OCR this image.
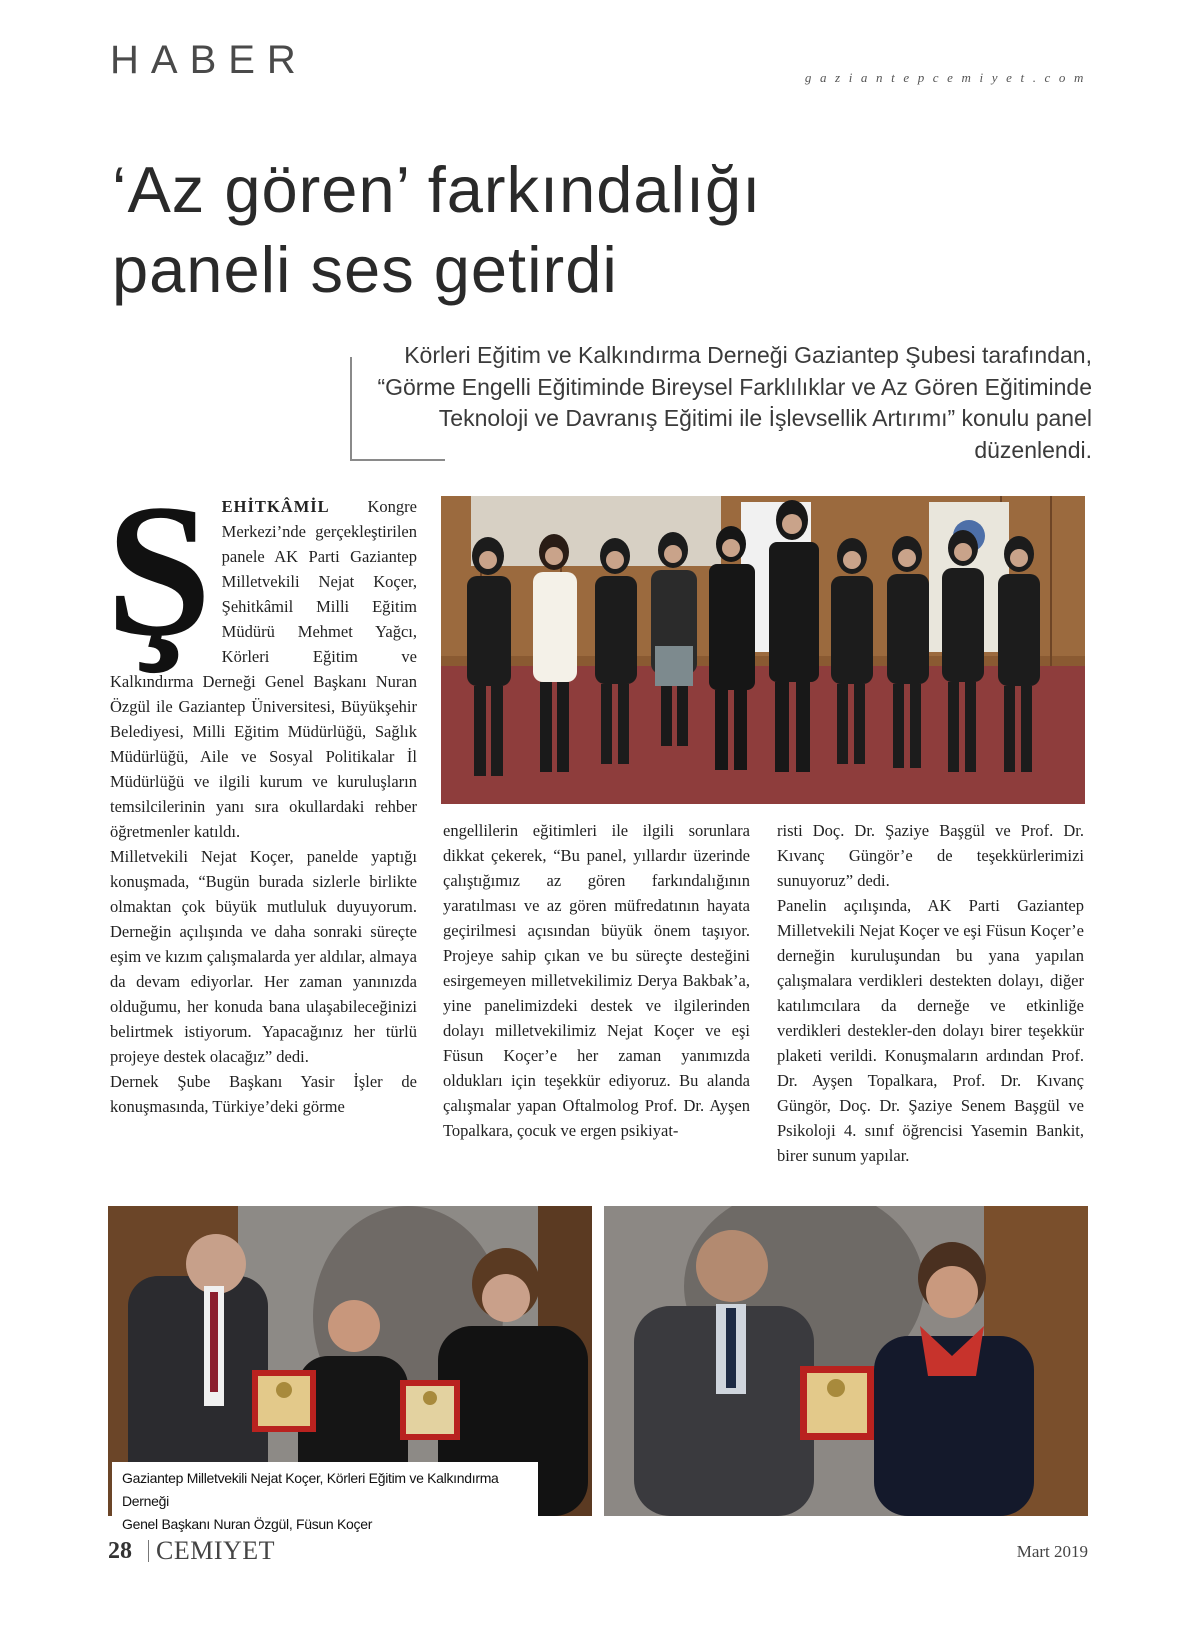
HABER	gaziantepcemiyet.com
‘Az gören’ farkındalığı
paneli ses getirdi
Körleri Eğitim ve Kalkındırma Derneği Gaziantep Şubesi tarafından, “Görme Engelli Eğitiminde Bireysel Farklılıklar ve Az Gören Eğitiminde Teknoloji ve Davranış Eğitimi ile İşlevsellik Artırımı” konulu panel düzenlendi.
Ş EHİTKÂMİL Kongre Merkezi’nde gerçekleştirilen panele AK Parti Gaziantep Milletvekili Nejat Koçer, Şehitkâmil Milli Eğitim Müdürü Mehmet Yağcı, Körleri Eğitim ve Kalkındırma Derneği Genel Başkanı Nuran Özgül ile Gaziantep Üniversitesi, Büyükşehir Belediyesi, Milli Eğitim Müdürlüğü, Sağlık Müdürlüğü, Aile ve Sosyal Politikalar İl Müdürlüğü ve ilgili kurum ve kuruluşların temsilcilerinin yanı sıra okullardaki rehber öğretmenler katıldı.

Milletvekili Nejat Koçer, panelde yaptığı konuşmada, “Bugün burada sizlerle birlikte olmaktan çok büyük mutluluk duyuyorum. Derneğin açılışında ve daha sonraki süreçte eşim ve kızım çalışmalarda yer aldılar, almaya da devam ediyorlar. Her zaman yanınızda olduğumu, her konuda bana ulaşabileceğinizi belirtmek istiyorum. Yapacağınız her türlü projeye destek olacağız” dedi.

Dernek Şube Başkanı Yasir İşler de konuşmasında, Türkiye’deki görme

engellilerin eğitimleri ile ilgili sorunlara dikkat çekerek, “Bu panel, yıllardır üzerinde çalıştığımız az gören farkındalığının yaratılması ve az gören müfredatının hayata geçirilmesi açısından büyük önem taşıyor. Projeye sahip çıkan ve bu süreçte desteğini esirgemeyen milletvekilimiz Derya Bakbak’a, yine panelimizdeki destek ve ilgilerinden dolayı milletvekilimiz Nejat Koçer ve eşi Füsun Koçer’e her zaman yanımızda oldukları için teşekkür ediyoruz. Bu alanda çalışmalar yapan Oftalmolog Prof. Dr. Ayşen Topalkara, çocuk ve ergen psikiyat-

risti Doç. Dr. Şaziye Başgül ve Prof. Dr. Kıvanç Güngör’e de teşekkürlerimizi sunuyoruz” dedi.

Panelin açılışında, AK Parti Gaziantep Milletvekili Nejat Koçer ve eşi Füsun Koçer’e derneğin kuruluşundan bu yana yapılan çalışmalara verdikleri destekten dolayı, diğer katılımcılara da derneğe ve etkinliğe verdikleri destekler-den dolayı birer teşekkür plaketi verildi. Konuşmaların ardından Prof. Dr. Ayşen Topalkara, Prof. Dr. Kıvanç Güngör, Doç. Dr. Şaziye Senem Başgül ve Psikoloji 4. sınıf öğrencisi Yasemin Bankit, birer sunum yapılar.

Gaziantep Milletvekili Nejat Koçer, Körleri Eğitim ve Kalkındırma Derneği
Genel Başkanı Nuran Özgül, Füsun Koçer
28 CEMIYET	Mart 2019
